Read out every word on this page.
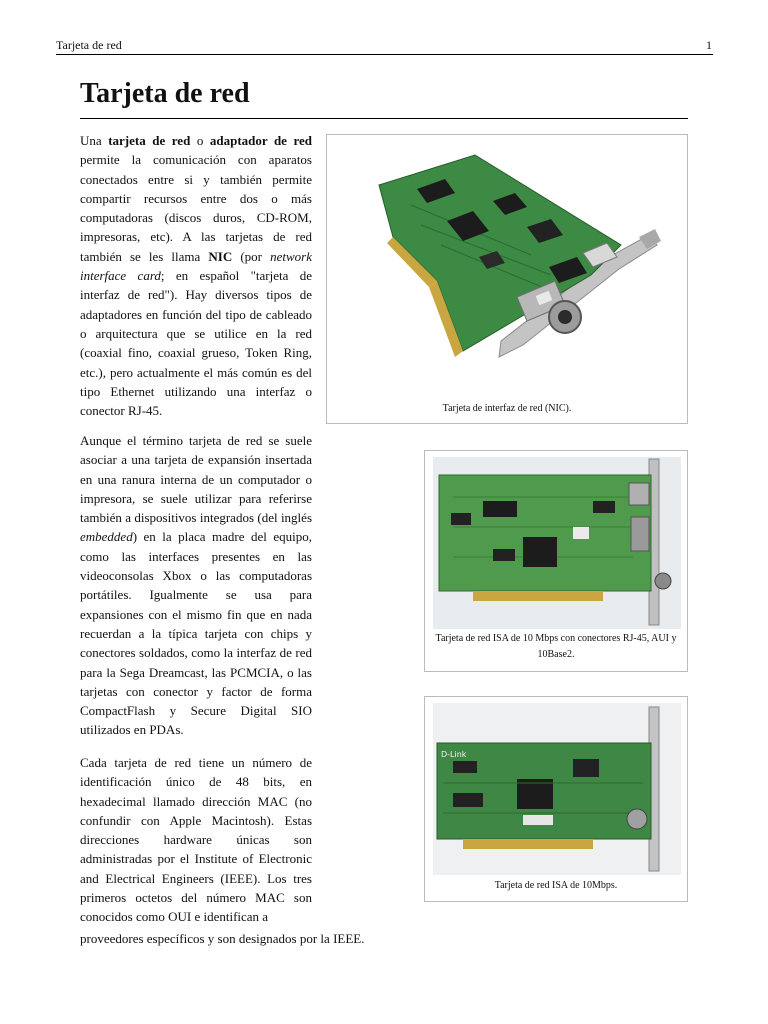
Tarjeta de red	1
Tarjeta de red

Una tarjeta de red o adaptador de red permite la comunicación con aparatos conectados entre si y también permite compartir recursos entre dos o más computadoras (discos duros, CD-ROM, impresoras, etc). A las tarjetas de red también se les llama NIC (por network interface card; en español "tarjeta de interfaz de red"). Hay diversos tipos de adaptadores en función del tipo de cableado o arquitectura que se utilice en la red (coaxial fino, coaxial grueso, Token Ring, etc.), pero actualmente el más común es del tipo Ethernet utilizando una interfaz o conector RJ-45.

Aunque el término tarjeta de red se suele asociar a una tarjeta de expansión insertada en una ranura interna de un computador o impresora, se suele utilizar para referirse también a dispositivos integrados (del inglés embedded) en la placa madre del equipo, como las interfaces presentes en las videoconsolas Xbox o las computadoras portátiles. Igualmente se usa para expansiones con el mismo fin que en nada recuerdan a la típica tarjeta con chips y conectores soldados, como la interfaz de red para la Sega Dreamcast, las PCMCIA, o las tarjetas con conector y factor de forma CompactFlash y Secure Digital SIO utilizados en PDAs.

Cada tarjeta de red tiene un número de identificación único de 48 bits, en hexadecimal llamado dirección MAC (no confundir con Apple Macintosh). Estas direcciones hardware únicas son administradas por el Institute of Electronic and Electrical Engineers (IEEE). Los tres primeros octetos del número MAC son conocidos como OUI e identifican a

proveedores específicos y son designados por la IEEE.

Tarjeta de interfaz de red (NIC).
Tarjeta de red ISA de 10 Mbps con conectores RJ-45, AUI y 10Base2.
D-Link
Tarjeta de red ISA de 10Mbps.
